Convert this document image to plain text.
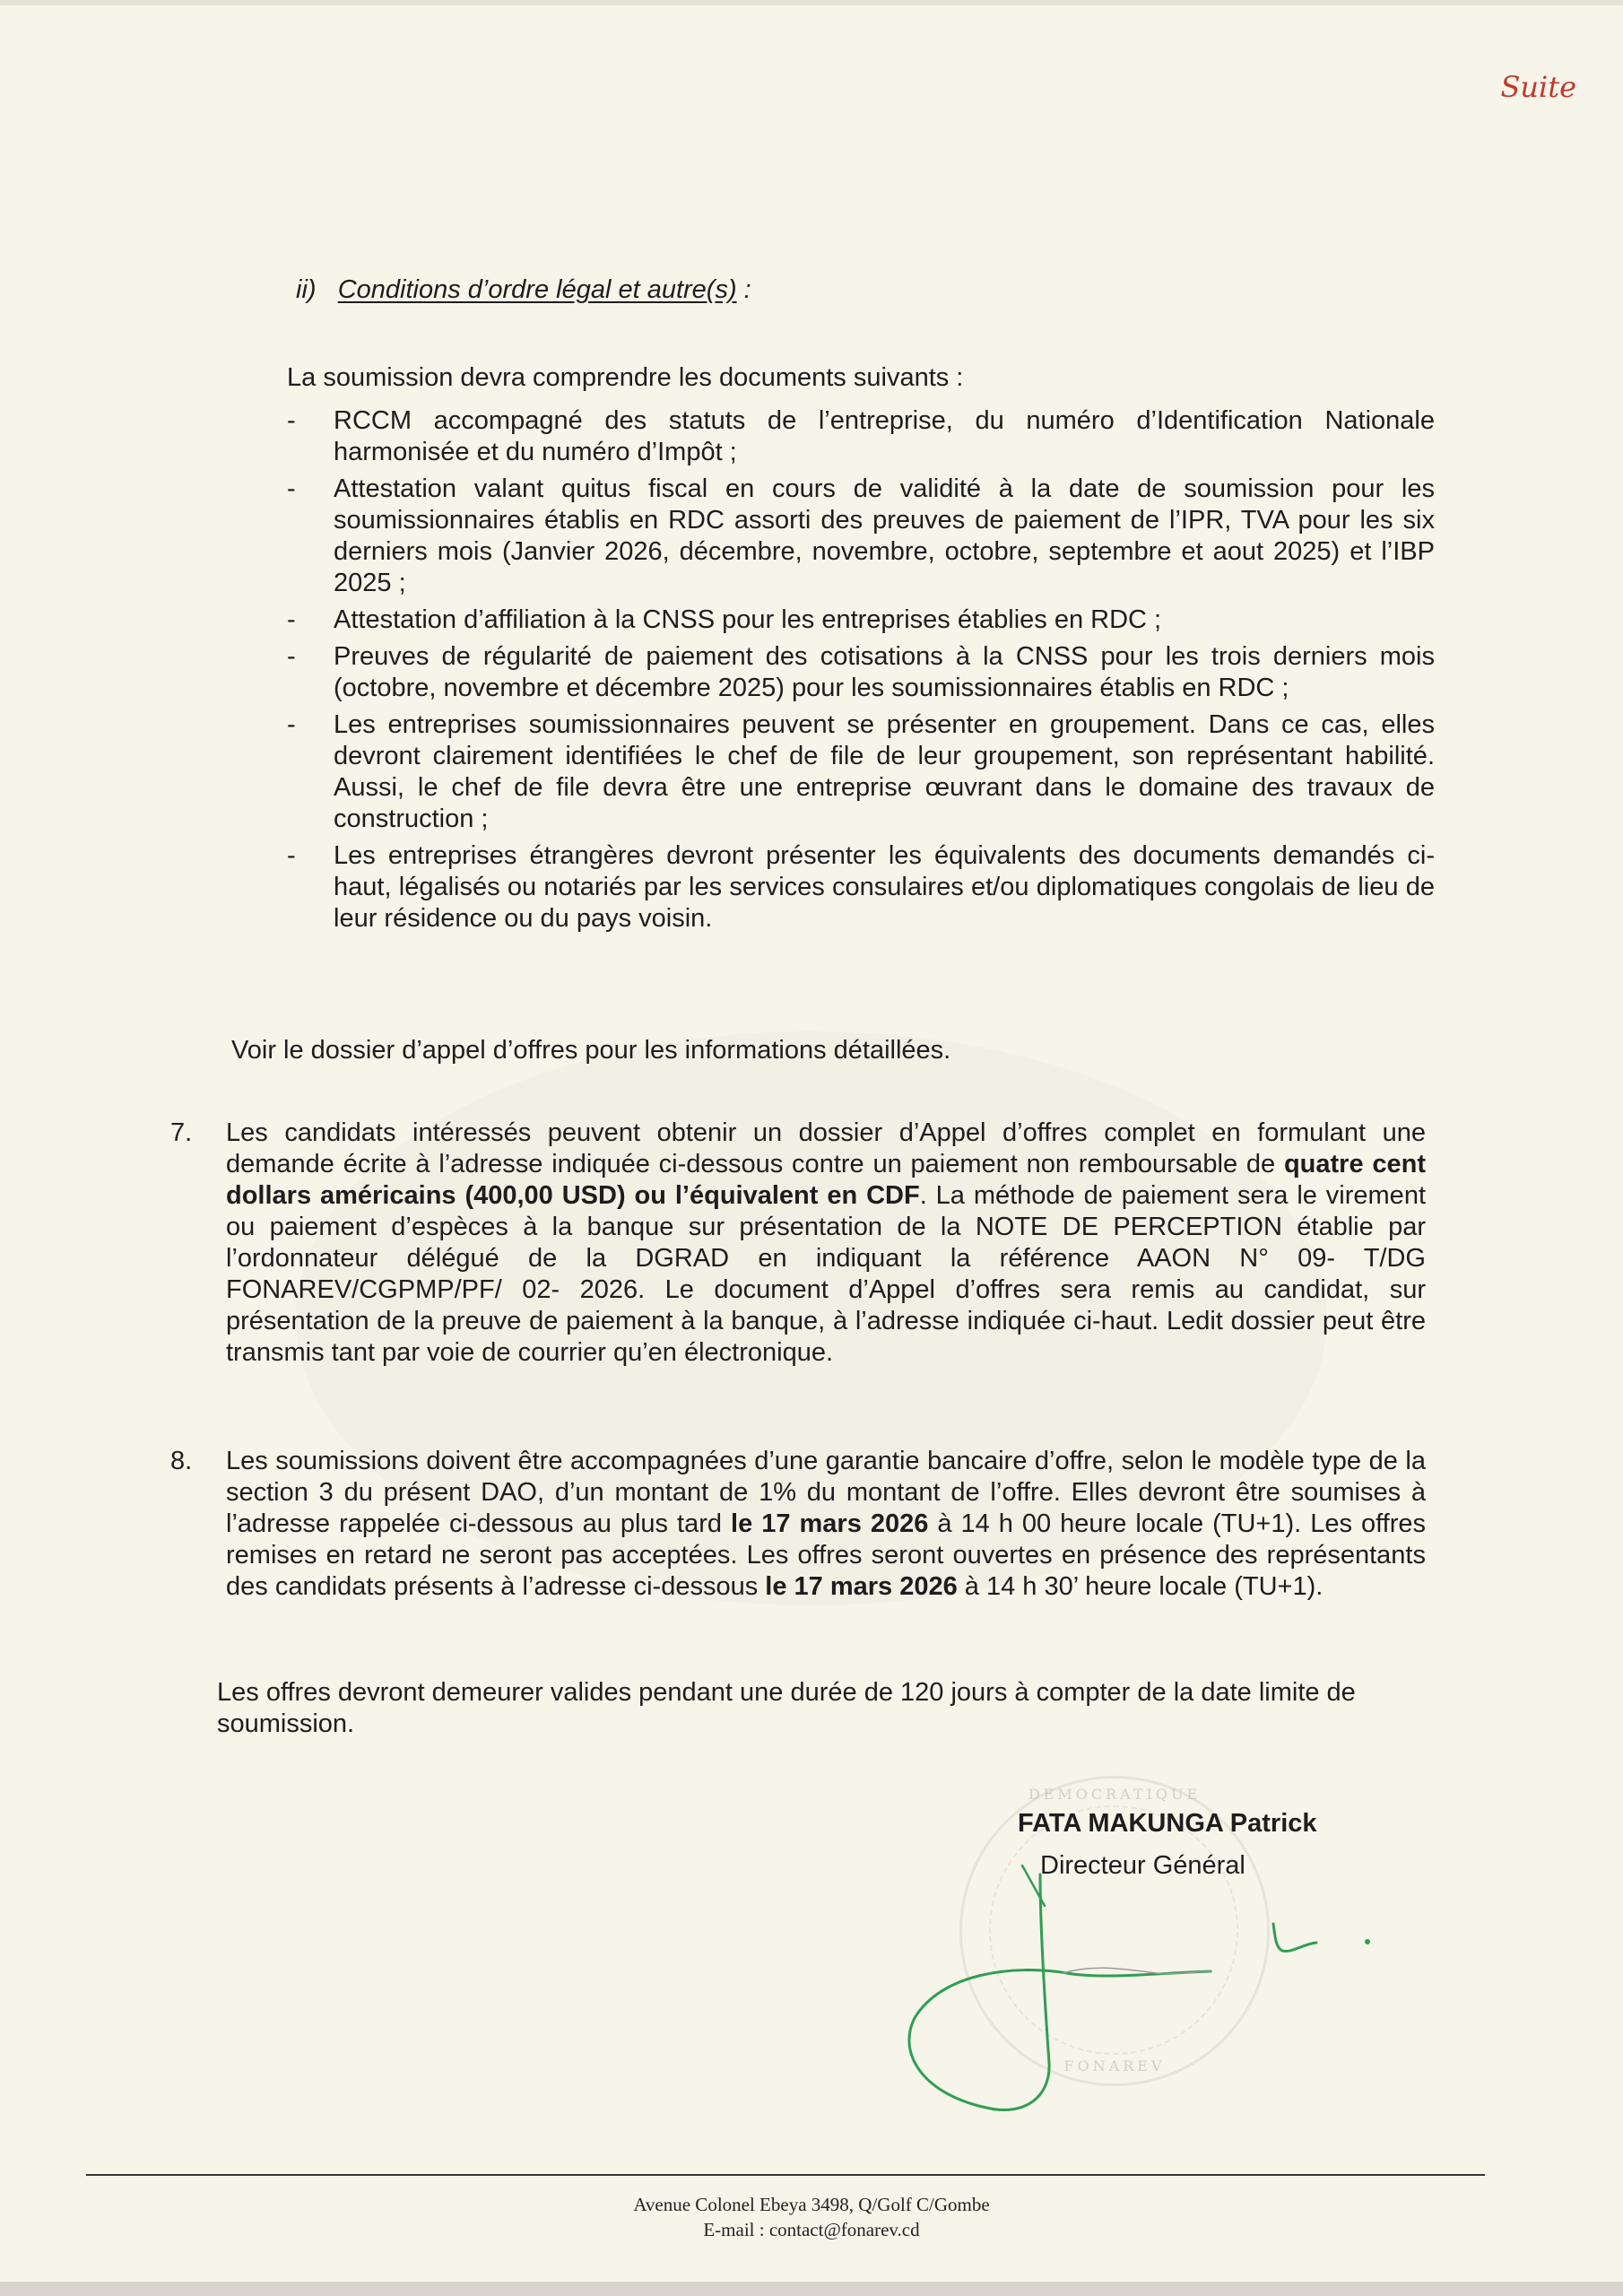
Suite
ii) Conditions d’ordre légal et autre(s) :
La soumission devra comprendre les documents suivants :
- RCCM accompagné des statuts de l’entreprise, du numéro d’Identification Nationale harmonisée et du numéro d’Impôt ;
- Attestation valant quitus fiscal en cours de validité à la date de soumission pour les soumissionnaires établis en RDC assorti des preuves de paiement de l’IPR, TVA pour les six derniers mois (Janvier 2026, décembre, novembre, octobre, septembre et aout 2025) et l’IBP 2025 ;
- Attestation d’affiliation à la CNSS pour les entreprises établies en RDC ;
- Preuves de régularité de paiement des cotisations à la CNSS pour les trois derniers mois (octobre, novembre et décembre 2025) pour les soumissionnaires établis en RDC ;
- Les entreprises soumissionnaires peuvent se présenter en groupement. Dans ce cas, elles devront clairement identifiées le chef de file de leur groupement, son représentant habilité. Aussi, le chef de file devra être une entreprise œuvrant dans le domaine des travaux de construction ;
- Les entreprises étrangères devront présenter les équivalents des documents demandés ci-haut, légalisés ou notariés par les services consulaires et/ou diplomatiques congolais de lieu de leur résidence ou du pays voisin.
Voir le dossier d’appel d’offres pour les informations détaillées.
7. Les candidats intéressés peuvent obtenir un dossier d’Appel d’offres complet en formulant une demande écrite à l’adresse indiquée ci-dessous contre un paiement non remboursable de quatre cent dollars américains (400,00 USD) ou l’équivalent en CDF. La méthode de paiement sera le virement ou paiement d’espèces à la banque sur présentation de la NOTE DE PERCEPTION établie par l’ordonnateur délégué de la DGRAD en indiquant la référence AAON N° 09- T/DG FONAREV/CGPMP/PF/ 02- 2026. Le document d’Appel d’offres sera remis au candidat, sur présentation de la preuve de paiement à la banque, à l’adresse indiquée ci-haut. Ledit dossier peut être transmis tant par voie de courrier qu’en électronique.
8. Les soumissions doivent être accompagnées d’une garantie bancaire d’offre, selon le modèle type de la section 3 du présent DAO, d’un montant de 1% du montant de l’offre. Elles devront être soumises à l’adresse rappelée ci-dessous au plus tard le 17 mars 2026 à 14 h 00 heure locale (TU+1). Les offres remises en retard ne seront pas acceptées. Les offres seront ouvertes en présence des représentants des candidats présents à l’adresse ci-dessous le 17 mars 2026 à 14 h 30’ heure locale (TU+1).
Les offres devront demeurer valides pendant une durée de 120 jours à compter de la date limite de soumission.
DEMOCRATIQUE
FONAREV
FATA MAKUNGA Patrick
Directeur Général
Avenue Colonel Ebeya 3498, Q/Golf C/Gombe
E-mail : contact@fonarev.cd
